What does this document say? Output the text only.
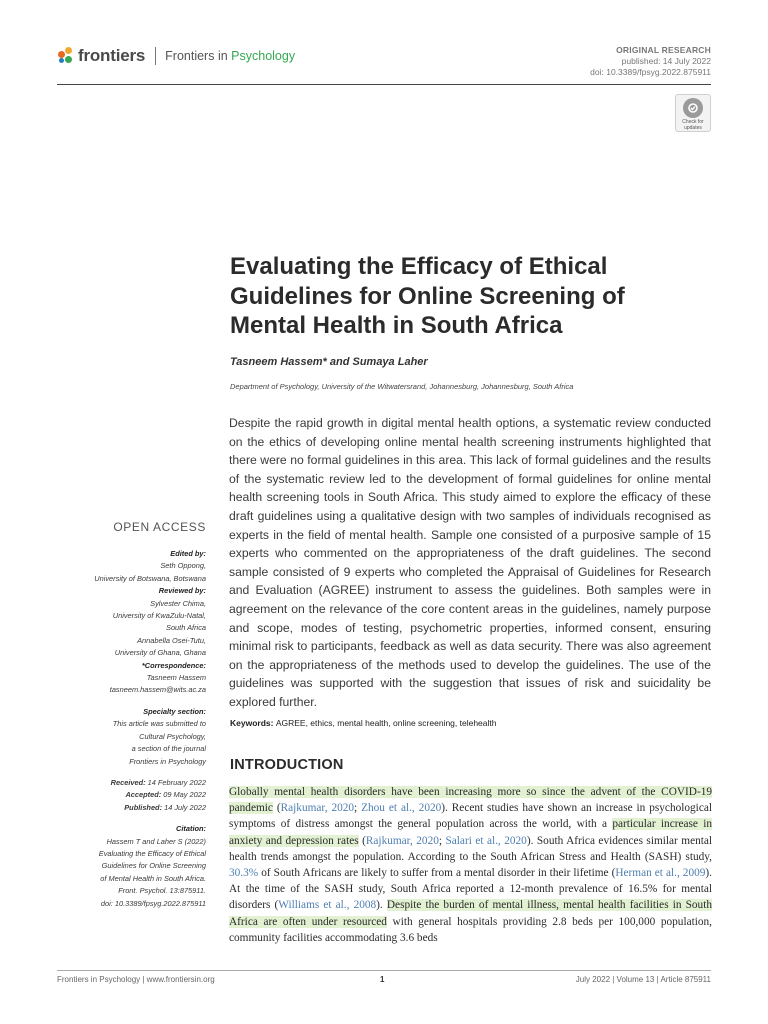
frontiers Frontiers in Psychology	ORIGINAL RESEARCH
published: 14 July 2022
doi: 10.3389/fpsyg.2022.875911
Check for
updates
Evaluating the Efficacy of Ethical Guidelines for Online Screening of Mental Health in South Africa
Tasneem Hassem* and Sumaya Laher
Department of Psychology, University of the Witwatersrand, Johannesburg, Johannesburg, South Africa

Despite the rapid growth in digital mental health options, a systematic review conducted on the ethics of developing online mental health screening instruments highlighted that there were no formal guidelines in this area. This lack of formal guidelines and the results of the systematic review led to the development of formal guidelines for online mental health screening tools in South Africa. This study aimed to explore the efficacy of these draft guidelines using a qualitative design with two samples of individuals recognised as experts in the field of mental health. Sample one consisted of a purposive sample of 15 experts who commented on the appropriateness of the draft guidelines. The second sample consisted of 9 experts who completed the Appraisal of Guidelines for Research and Evaluation (AGREE) instrument to assess the guidelines. Both samples were in agreement on the relevance of the core content areas in the guidelines, namely purpose and scope, modes of testing, psychometric properties, informed consent, ensuring minimal risk to participants, feedback as well as data security. There was also agreement on the appropriateness of the methods used to develop the guidelines. The use of the guidelines was supported with the suggestion that issues of risk and suicidality be explored further.

Keywords: AGREE, ethics, mental health, online screening, telehealth
INTRODUCTION

Globally mental health disorders have been increasing more so since the advent of the COVID-19 pandemic (Rajkumar, 2020; Zhou et al., 2020). Recent studies have shown an increase in psychological symptoms of distress amongst the general population across the world, with a particular increase in anxiety and depression rates (Rajkumar, 2020; Salari et al., 2020). South Africa evidences similar mental health trends amongst the population. According to the South African Stress and Health (SASH) study, 30.3% of South Africans are likely to suffer from a mental disorder in their lifetime (Herman et al., 2009). At the time of the SASH study, South Africa reported a 12-month prevalence of 16.5% for mental disorders (Williams et al., 2008). Despite the burden of mental illness, mental health facilities in South Africa are often under resourced with general hospitals providing 2.8 beds per 100,000 population, community facilities accommodating 3.6 beds

OPEN ACCESS
Edited by:
Seth Oppong,
University of Botswana, Botswana
Reviewed by:
Sylvester Chima,
University of KwaZulu-Natal,
South Africa
Annabella Osei-Tutu,
University of Ghana, Ghana
*Correspondence:
Tasneem Hassem
tasneem.hassem@wits.ac.za
Specialty section:
This article was submitted to
Cultural Psychology,
a section of the journal
Frontiers in Psychology
Received: 14 February 2022
Accepted: 09 May 2022
Published: 14 July 2022
Citation:
Hassem T and Laher S (2022)
Evaluating the Efficacy of Ethical
Guidelines for Online Screening
of Mental Health in South Africa.
Front. Psychol. 13:875911.
doi: 10.3389/fpsyg.2022.875911
Frontiers in Psychology | www.frontiersin.org	1	July 2022 | Volume 13 | Article 875911
